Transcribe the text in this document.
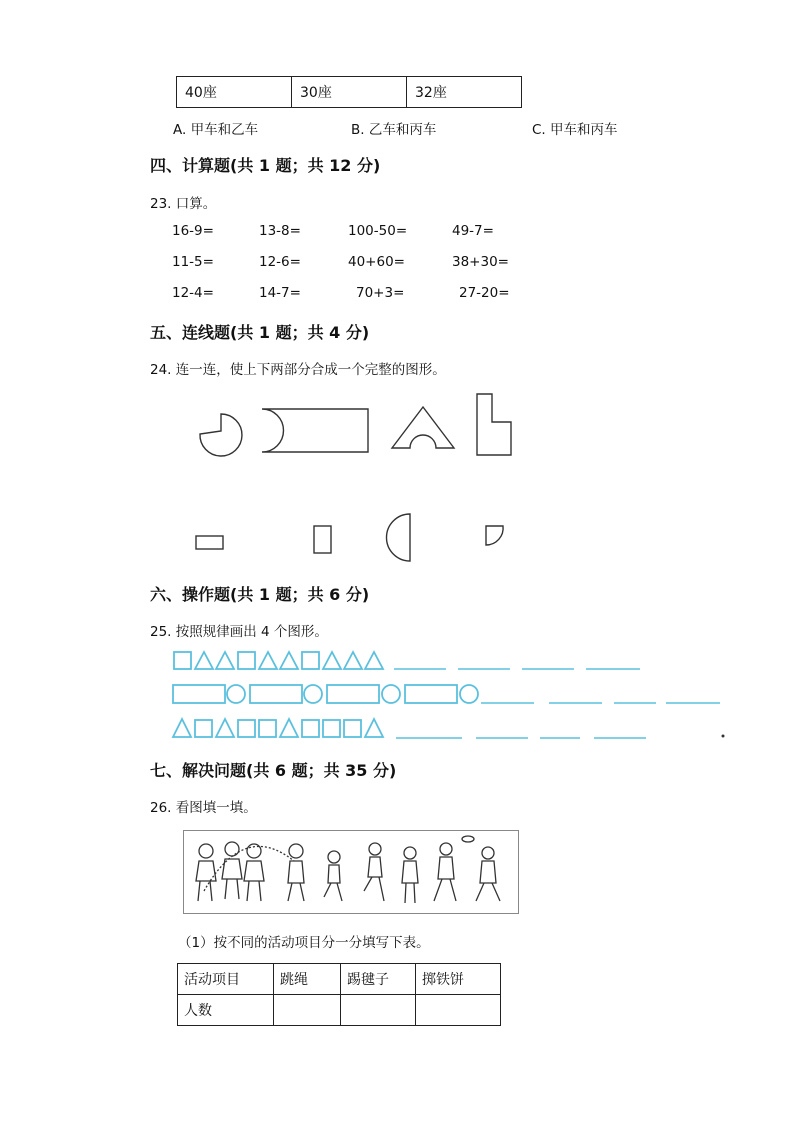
40座	30座	32座
A. 甲车和乙车	B. 乙车和丙车	C. 甲车和丙车
四、计算题(共 1 题；共 12 分)
23. 口算。
16-9=	13-8=	100-50=	49-7=
11-5=	12-6=	40+60=	38+30=
12-4=	14-7=	70+3=	27-20=
五、连线题(共 1 题；共 4 分)
24. 连一连，使上下两部分合成一个完整的图形。
六、操作题(共 1 题；共 6 分)
25. 按照规律画出 4 个图形。
七、解决问题(共 6 题；共 35 分)
26. 看图填一填。
（1）按不同的活动项目分一分填写下表。
活动项目	跳绳	踢毽子	掷铁饼
人数			
